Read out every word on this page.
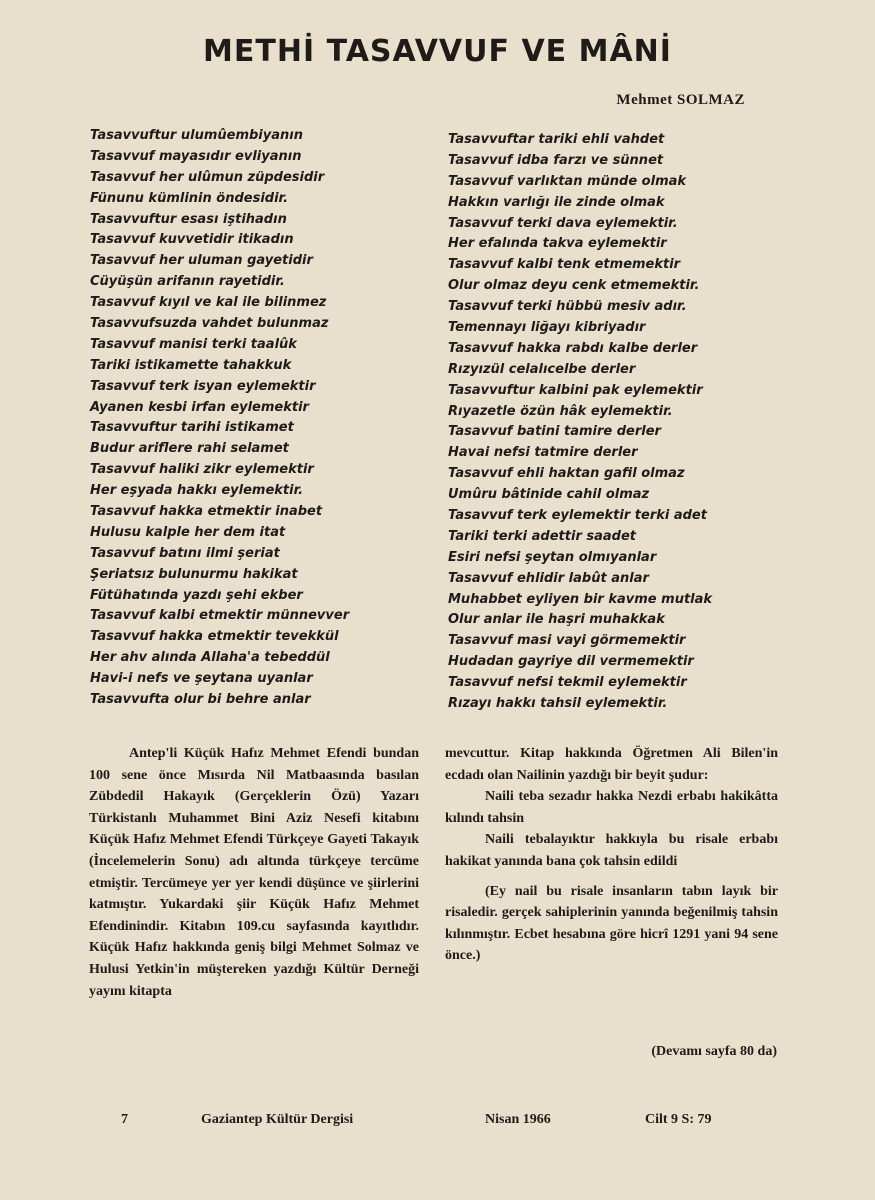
METHİ TASAVVUF VE MÂNİ
Mehmet SOLMAZ
Tasavvuftur ulumûembiyanın
Tasavvuf mayasıdır evliyanın
Tasavvuf her ulûmun züpdesidir
Fünunu kümlinin öndesidir.
Tasavvuftur esası iştihadın
Tasavvuf kuvvetidir itikadın
Tasavvuf her uluman gayetidir
Cüyüşün arifanın rayetidir.
Tasavvuf kıyıl ve kal ile bilinmez
Tasavvufsuzda vahdet bulunmaz
Tasavvuf manisi terki taalûk
Tariki istikamette tahakkuk
Tasavvuf terk isyan eylemektir
Ayanen kesbi irfan eylemektir
Tasavvuftur tarihi istikamet
Budur ariflere rahi selamet
Tasavvuf haliki zikr eylemektir
Her eşyada hakkı eylemektir.
Tasavvuf hakka etmektir inabet
Hulusu kalple her dem itat
Tasavvuf batını ilmi şeriat
Şeriatsız bulunurmu hakikat
Fütühatında yazdı şehi ekber
Tasavvuf kalbi etmektir münnevver
Tasavvuf hakka etmektir tevekkül
Her ahv alında Allaha'a tebeddül
Havi-i nefs ve şeytana uyanlar
Tasavvufta olur bi behre anlar
Tasavvuftar tariki ehli vahdet
Tasavvuf idba farzı ve sünnet
Tasavvuf varlıktan münde olmak
Hakkın varlığı ile zinde olmak
Tasavvuf terki dava eylemektir.
Her efalında takva eylemektir
Tasavvuf kalbi tenk etmemektir
Olur olmaz deyu cenk etmemektir.
Tasavvuf terki hübbü mesiv adır.
Temennayı liğayı kibriyadır
Tasavvuf hakka rabdı kalbe derler
Rızyızül celalıcelbe derler
Tasavvuftur kalbini pak eylemektir
Rıyazetle özün hâk eylemektir.
Tasavvuf batini tamire derler
Havai nefsi tatmire derler
Tasavvuf ehli haktan gafil olmaz
Umûru bâtinide cahil olmaz
Tasavvuf terk eylemektir terki adet
Tariki terki adettir saadet
Esiri nefsi şeytan olmıyanlar
Tasavvuf ehlidir labût anlar
Muhabbet eyliyen bir kavme mutlak
Olur anlar ile haşri muhakkak
Tasavvuf masi vayi görmemektir
Hudadan gayriye dil vermemektir
Tasavvuf nefsi tekmil eylemektir
Rızayı hakkı tahsil eylemektir.

Antep'li Küçük Hafız Mehmet Efendi bundan 100 sene önce Mısırda Nil Matbaasında basılan Zübdedil Hakayık (Gerçeklerin Özü) Yazarı Türkistanlı Muhammet Bini Aziz Nesefi kitabını Küçük Hafız Mehmet Efendi Türkçeye Gayeti Takayık (İncelemelerin Sonu) adı altında türkçeye tercüme etmiştir. Tercümeye yer yer kendi düşünce ve şiirlerini katmıştır. Yukardaki şiir Küçük Hafız Mehmet Efendinindir. Kitabın 109.cu sayfasında kayıtlıdır. Küçük Hafız hakkında geniş bilgi Mehmet Solmaz ve Hulusi Yetkin'in müştereken yazdığı Kültür Derneği yayını kitapta

mevcuttur. Kitap hakkında Öğretmen Ali Bilen'in ecdadı olan Nailinin yazdığı bir beyit şudur:

Naili teba sezadır hakka Nezdi erbabı hakikâtta kılındı tahsin

Naili tebalayıktır hakkıyla bu risale erbabı hakikat yanında bana çok tahsin edildi

(Ey nail bu risale insanların tabın layık bir risaledir. gerçek sahiplerinin yanında beğenilmiş tahsin kılınmıştır. Ecbet hesabına göre hicrî 1291 yani 94 sene önce.)

(Devamı sayfa 80 da)
7	Gaziantep Kültür Dergisi	Nisan 1966	Cilt 9 S: 79
